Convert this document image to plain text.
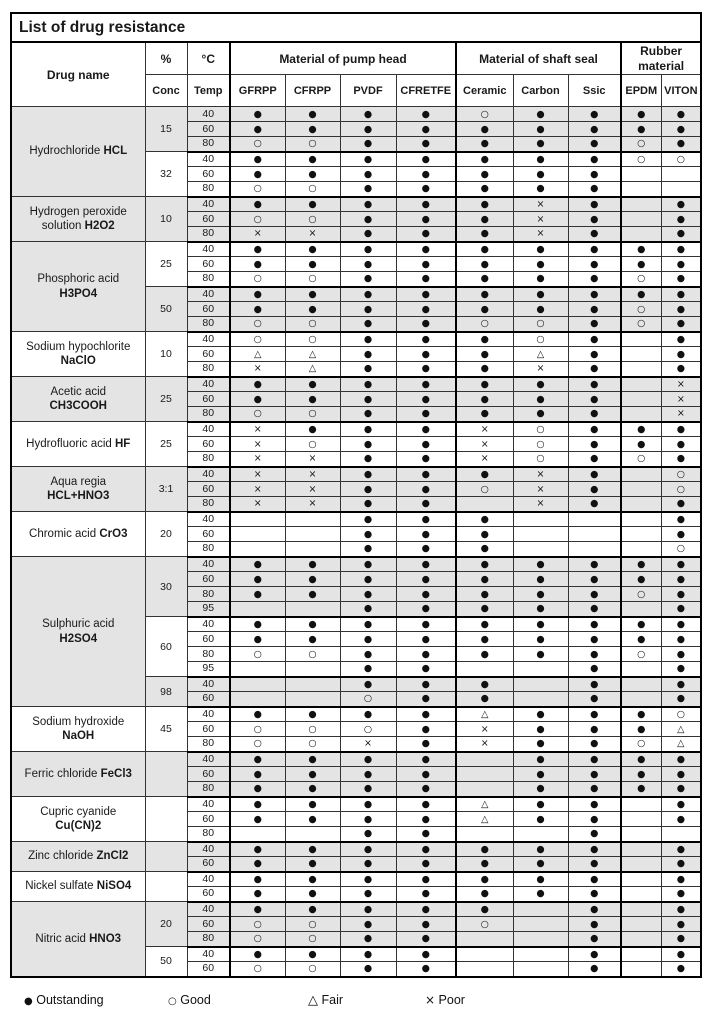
List of drug resistance											
Drug name	%	°C	Material of pump head				Material of shaft seal			Rubber material	
	Conc	Temp	GFRPP	CFRPP	PVDF	CFRETFE	Ceramic	Carbon	Ssic	EPDM	VITON
Hydrochloride HCL	15	40	●	●	●	●	○	●	●	●	●
		60	●	●	●	●	●	●	●	●	●
		80	○	○	●	●	●	●	●	○	●
	32	40	●	●	●	●	●	●	●	○	○
		60	●	●	●	●	●	●	●		
		80	○	○	●	●	●	●	●		
Hydrogen peroxide solution H2O2	10	40	●	●	●	●	●	×	●		●
		60	○	○	●	●	●	×	●		●
		80	×	×	●	●	●	×	●		●
Phosphoric acid
H3PO4	25	40	●	●	●	●	●	●	●	●	●
		60	●	●	●	●	●	●	●	●	●
		80	○	○	●	●	●	●	●	○	●
	50	40	●	●	●	●	●	●	●	●	●
		60	●	●	●	●	●	●	●	○	●
		80	○	○	●	●	○	○	●	○	●
Sodium hypochlorite NaClO	10	40	○	○	●	●	●	○	●		●
		60	△	△	●	●	●	△	●		●
		80	×	△	●	●	●	×	●		●
Acetic acid
CH3COOH	25	40	●	●	●	●	●	●	●		×
		60	●	●	●	●	●	●	●		×
		80	○	○	●	●	●	●	●		×
Hydrofluoric acid HF	25	40	×	●	●	●	×	○	●	●	●
		60	×	○	●	●	×	○	●	●	●
		80	×	×	●	●	×	○	●	○	●
Aqua regia
HCL+HNO3	3:1	40	×	×	●	●	●	×	●		○
		60	×	×	●	●	○	×	●		○
		80	×	×	●	●		×	●		●
Chromic acid CrO3	20	40			●	●	●				●
		60			●	●	●				●
		80			●	●	●				○
Sulphuric acid
H2SO4	30	40	●	●	●	●	●	●	●	●	●
		60	●	●	●	●	●	●	●	●	●
		80	●	●	●	●	●	●	●	○	●
		95			●	●	●	●	●		●
	60	40	●	●	●	●	●	●	●	●	●
		60	●	●	●	●	●	●	●	●	●
		80	○	○	●	●	●	●	●	○	●
		95			●	●			●		●
	98	40			●	●	●		●		●
		60			○	●	●		●		●
Sodium hydroxide
NaOH	45	40	●	●	●	●	△	●	●	●	○
		60	○	○	○	●	×	●	●	●	△
		80	○	○	×	●	×	●	●	○	△
Ferric chloride FeCl3		40	●	●	●	●		●	●	●	●
		60	●	●	●	●		●	●	●	●
		80	●	●	●	●		●	●	●	●
Cupric cyanide
Cu(CN)2		40	●	●	●	●	△	●	●		●
		60	●	●	●	●	△	●	●		●
		80			●	●			●		
Zinc chloride ZnCl2		40	●	●	●	●	●	●	●		●
		60	●	●	●	●	●	●	●		●
Nickel sulfate NiSO4		40	●	●	●	●	●	●	●		●
		60	●	●	●	●	●	●	●		●
Nitric acid HNO3	20	40	●	●	●	●	●		●		●
		60	○	○	●	●	○		●		●
		80	○	○	●	●			●		●
	50	40	●	●	●	●			●		●
		60	○	○	●	●			●		●
● Outstanding	○ Good	△ Fair	× Poor
